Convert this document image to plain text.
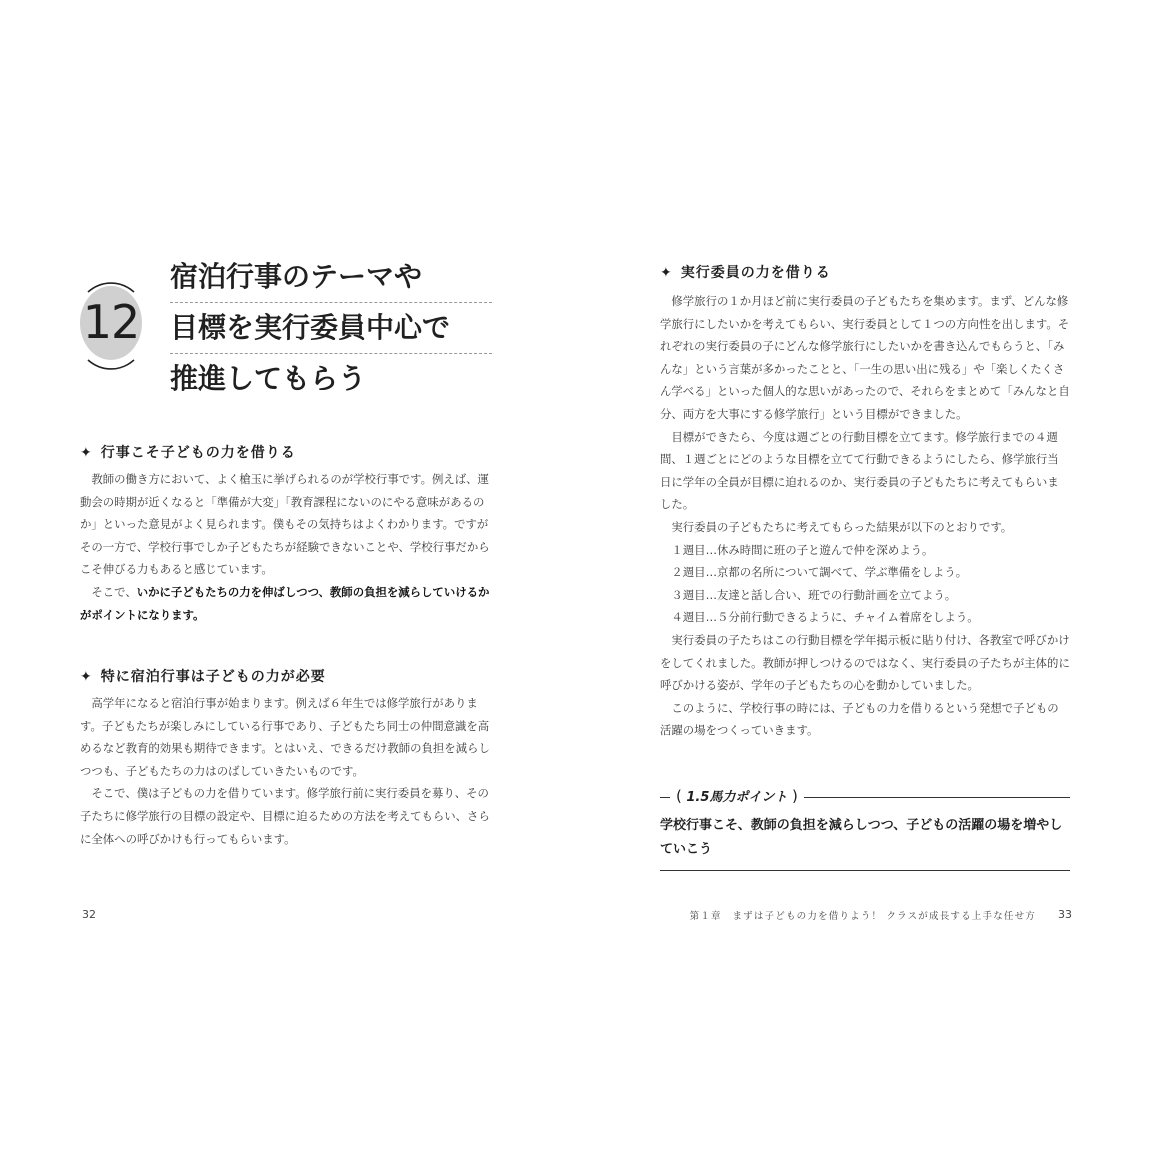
12
宿泊行事のテーマや
目標を実行委員中心で
推進してもらう
✦ 行事こそ子どもの力を借りる

教師の働き方において、よく槍玉に挙げられるのが学校行事です。例えば、運動会の時期が近くなると「準備が大変」「教育課程にないのにやる意味があるのか」といった意見がよく見られます。僕もその気持ちはよくわかります。ですがその一方で、学校行事でしか子どもたちが経験できないことや、学校行事だからこそ伸びる力もあると感じています。

そこで、いかに子どもたちの力を伸ばしつつ、教師の負担を減らしていけるかがポイントになります。

✦ 特に宿泊行事は子どもの力が必要

高学年になると宿泊行事が始まります。例えば６年生では修学旅行があります。子どもたちが楽しみにしている行事であり、子どもたち同士の仲間意識を高めるなど教育的効果も期待できます。とはいえ、できるだけ教師の負担を減らしつつも、子どもたちの力はのばしていきたいものです。

そこで、僕は子どもの力を借りています。修学旅行前に実行委員を募り、その子たちに修学旅行の目標の設定や、目標に迫るための方法を考えてもらい、さらに全体への呼びかけも行ってもらいます。

32
✦ 実行委員の力を借りる

修学旅行の１か月ほど前に実行委員の子どもたちを集めます。まず、どんな修学旅行にしたいかを考えてもらい、実行委員として１つの方向性を出します。それぞれの実行委員の子にどんな修学旅行にしたいかを書き込んでもらうと、「みんな」という言葉が多かったことと、「一生の思い出に残る」や「楽しくたくさん学べる」といった個人的な思いがあったので、それらをまとめて「みんなと自分、両方を大事にする修学旅行」という目標ができました。

目標ができたら、今度は週ごとの行動目標を立てます。修学旅行までの４週間、１週ごとにどのような目標を立てて行動できるようにしたら、修学旅行当日に学年の全員が目標に迫れるのか、実行委員の子どもたちに考えてもらいました。

実行委員の子どもたちに考えてもらった結果が以下のとおりです。

１週目…休み時間に班の子と遊んで仲を深めよう。

２週目…京都の名所について調べて、学ぶ準備をしよう。

３週目…友達と話し合い、班での行動計画を立てよう。

４週目…５分前行動できるように、チャイム着席をしよう。

実行委員の子たちはこの行動目標を学年掲示板に貼り付け、各教室で呼びかけをしてくれました。教師が押しつけるのではなく、実行委員の子たちが主体的に呼びかける姿が、学年の子どもたちの心を動かしていました。

このように、学校行事の時には、子どもの力を借りるという発想で子どもの活躍の場をつくっていきます。

( 1.5馬力ポイント )
学校行事こそ、教師の負担を減らしつつ、子どもの活躍の場を増やしていこう
第１章　まずは子どもの力を借りよう！ クラスが成長する上手な任せ方 33
